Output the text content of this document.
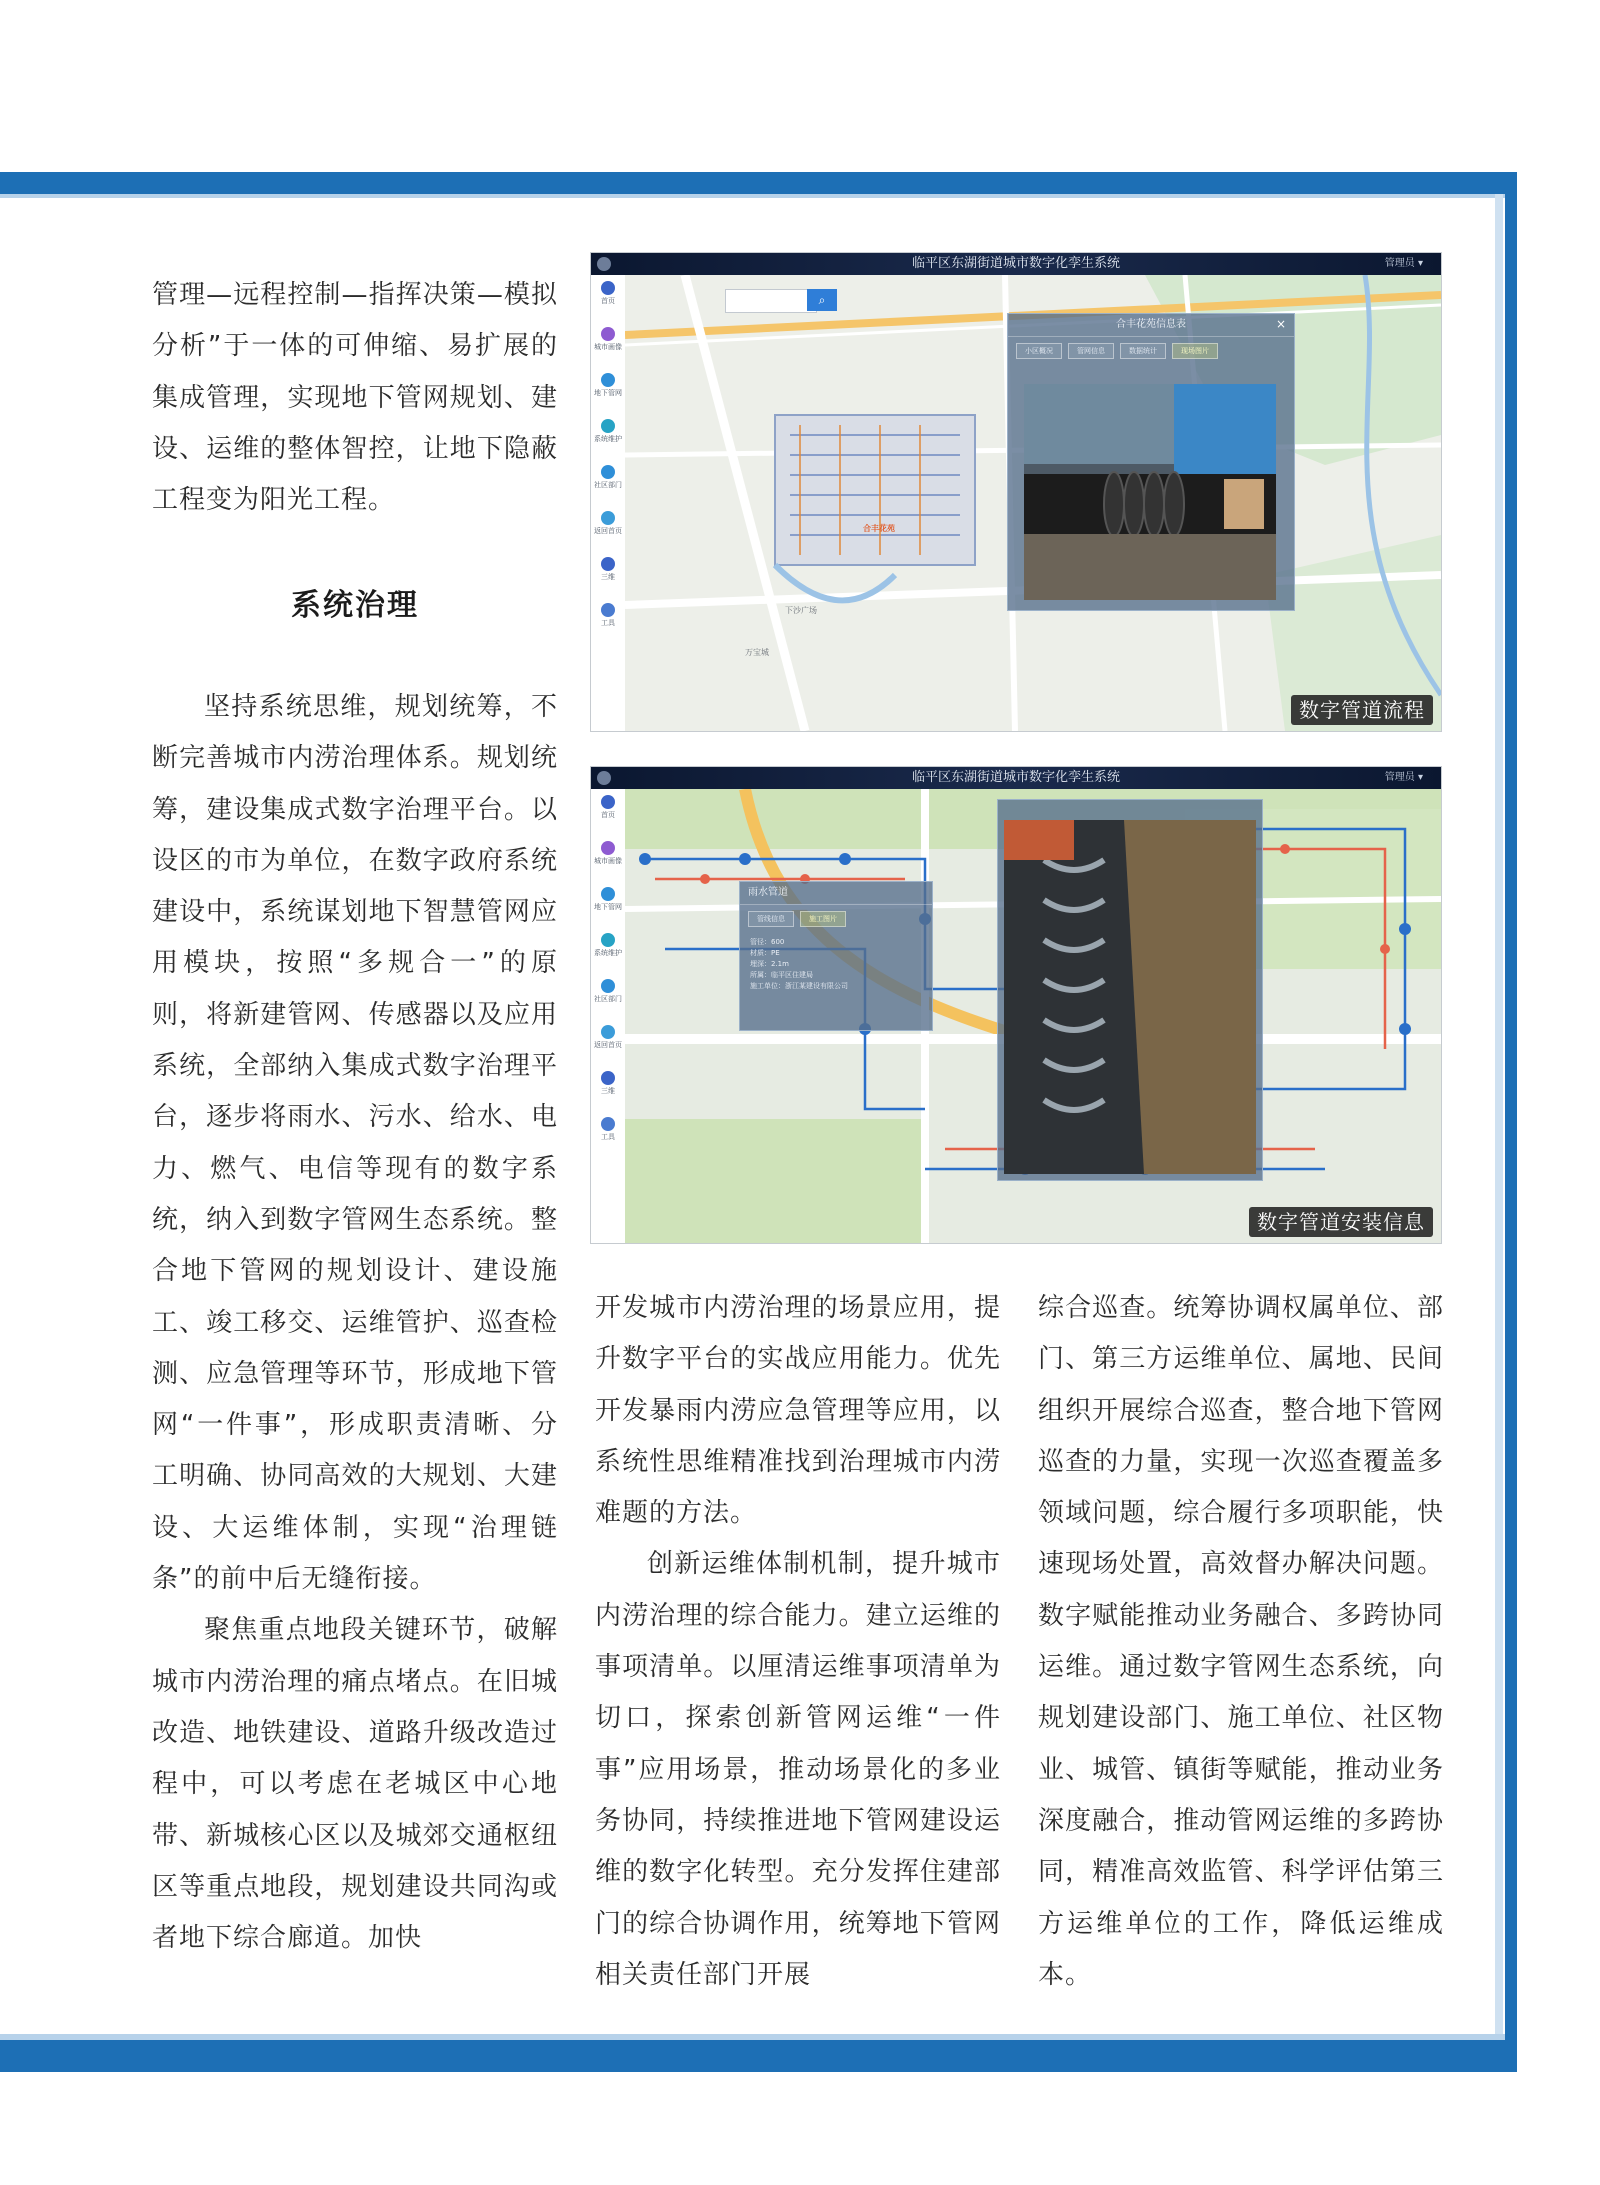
管理—远程控制—指挥决策—模拟分析”于一体的可伸缩、易扩展的集成管理，实现地下管网规划、建设、运维的整体智控，让地下隐蔽工程变为阳光工程。

系统治理

坚持系统思维，规划统筹，不断完善城市内涝治理体系。规划统筹，建设集成式数字治理平台。以设区的市为单位，在数字政府系统建设中，系统谋划地下智慧管网应用模块，按照“多规合一”的原则，将新建管网、传感器以及应用系统，全部纳入集成式数字治理平台，逐步将雨水、污水、给水、电力、燃气、电信等现有的数字系统，纳入到数字管网生态系统。整合地下管网的规划设计、建设施工、竣工移交、运维管护、巡查检测、应急管理等环节，形成地下管网“一件事”，形成职责清晰、分工明确、协同高效的大规划、大建设、大运维体制，实现“治理链条”的前中后无缝衔接。

聚焦重点地段关键环节，破解城市内涝治理的痛点堵点。在旧城改造、地铁建设、道路升级改造过程中，可以考虑在老城区中心地带、新城核心区以及城郊交通枢纽区等重点地段，规划建设共同沟或者地下综合廊道。加快

开发城市内涝治理的场景应用，提升数字平台的实战应用能力。优先开发暴雨内涝应急管理等应用，以系统性思维精准找到治理城市内涝难题的方法。

创新运维体制机制，提升城市内涝治理的综合能力。建立运维的事项清单。以厘清运维事项清单为切口，探索创新管网运维“一件事”应用场景，推动场景化的多业务协同，持续推进地下管网建设运维的数字化转型。充分发挥住建部门的综合协调作用，统筹地下管网相关责任部门开展

综合巡查。统筹协调权属单位、部门、第三方运维单位、属地、民间组织开展综合巡查，整合地下管网巡查的力量，实现一次巡查覆盖多领域问题，综合履行多项职能，快速现场处置，高效督办解决问题。数字赋能推动业务融合、多跨协同运维。通过数字管网生态系统，向规划建设部门、施工单位、社区物业、城管、镇街等赋能，推动业务深度融合，推动管网运维的多跨协同，精准高效监管、科学评估第三方运维单位的工作，降低运维成本。

临平区东湖街道城市数字化孪生系统	管理员 ▾
首页
城市画像
地下管网
系统维护
社区部门
返回首页
三维
工具
⌕
合丰花苑
下沙广场
万宝城
合丰花苑信息表	×
小区概况	管网信息	数据统计	现场图片
数字管道流程
临平区东湖街道城市数字化孪生系统	管理员 ▾
首页
城市画像
地下管网
系统维护
社区部门
返回首页
三维
工具
雨水管道
管线信息	施工图片
管径：600
材质：PE
埋深：2.1m
所属：临平区住建局
施工单位：浙江某建设有限公司
数字管道安装信息
